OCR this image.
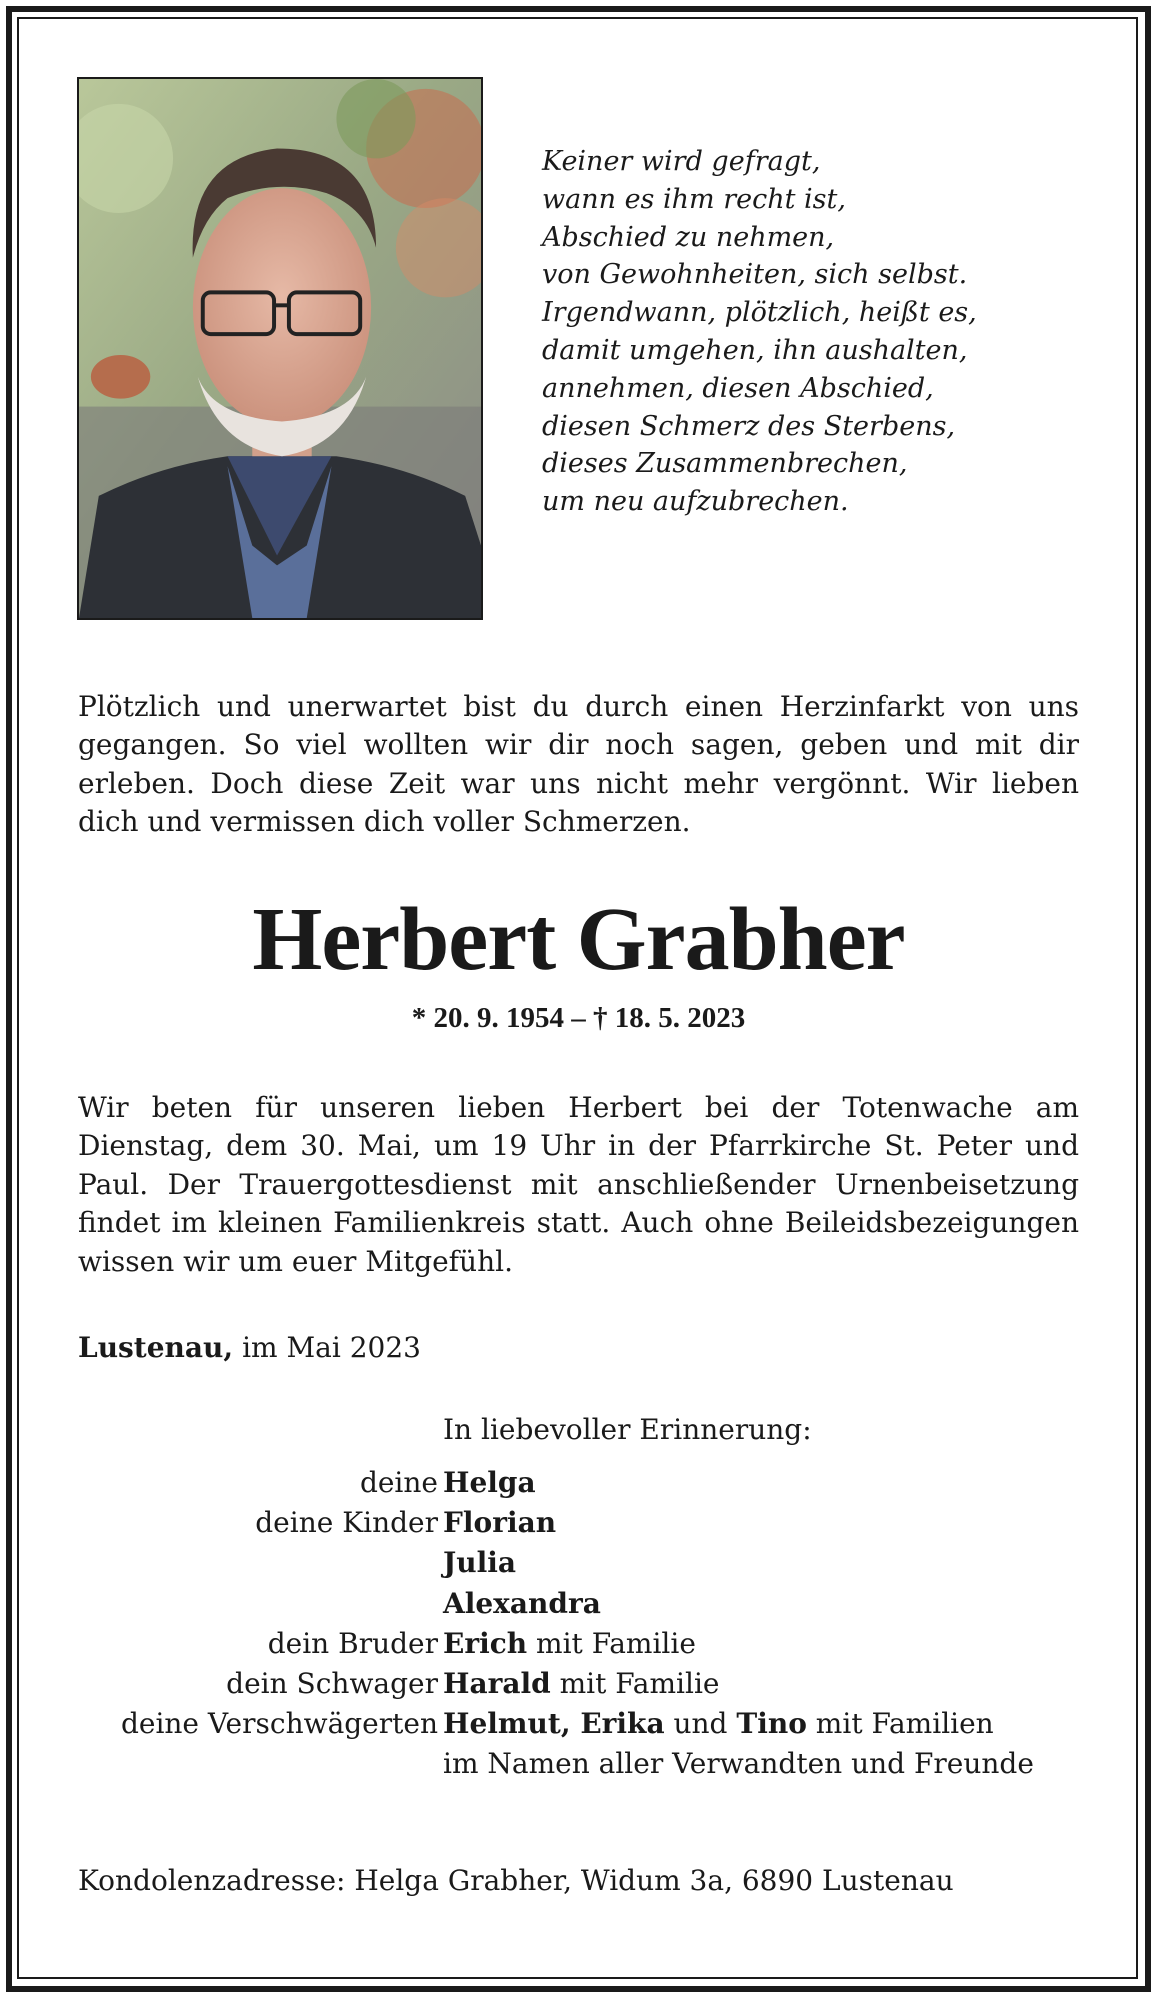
Keiner wird gefragt,
wann es ihm recht ist,
Abschied zu nehmen,
von Gewohnheiten, sich selbst.
Irgendwann, plötzlich, heißt es,
damit umgehen, ihn aushalten,
annehmen, diesen Abschied,
diesen Schmerz des Sterbens,
dieses Zusammenbrechen,
um neu aufzubrechen.

Plötzlich und unerwartet bist du durch einen Herzinfarkt von uns gegangen. So viel wollten wir dir noch sagen, geben und mit dir erleben. Doch diese Zeit war uns nicht mehr vergönnt. Wir lieben dich und vermissen dich voller Schmerzen.

Herbert Grabher

* 20. 9. 1954 – † 18. 5. 2023

Wir beten für unseren lieben Herbert bei der Totenwache am Dienstag, dem 30. Mai, um 19 Uhr in der Pfarrkirche St. Peter und Paul. Der Trauergottesdienst mit anschließender Urnenbeisetzung findet im kleinen Familienkreis statt. Auch ohne Beileidsbezeigungen wissen wir um euer Mitgefühl.

Lustenau, im Mai 2023

In liebevoller Erinnerung:

deine Helga
deine Kinder Florian
Julia
Alexandra
dein Bruder Erich mit Familie
dein Schwager Harald mit Familie
deine Verschwägerten Helmut, Erika und Tino mit Familien
im Namen aller Verwandten und Freunde

Kondolenzadresse: Helga Grabher, Widum 3a, 6890 Lustenau
